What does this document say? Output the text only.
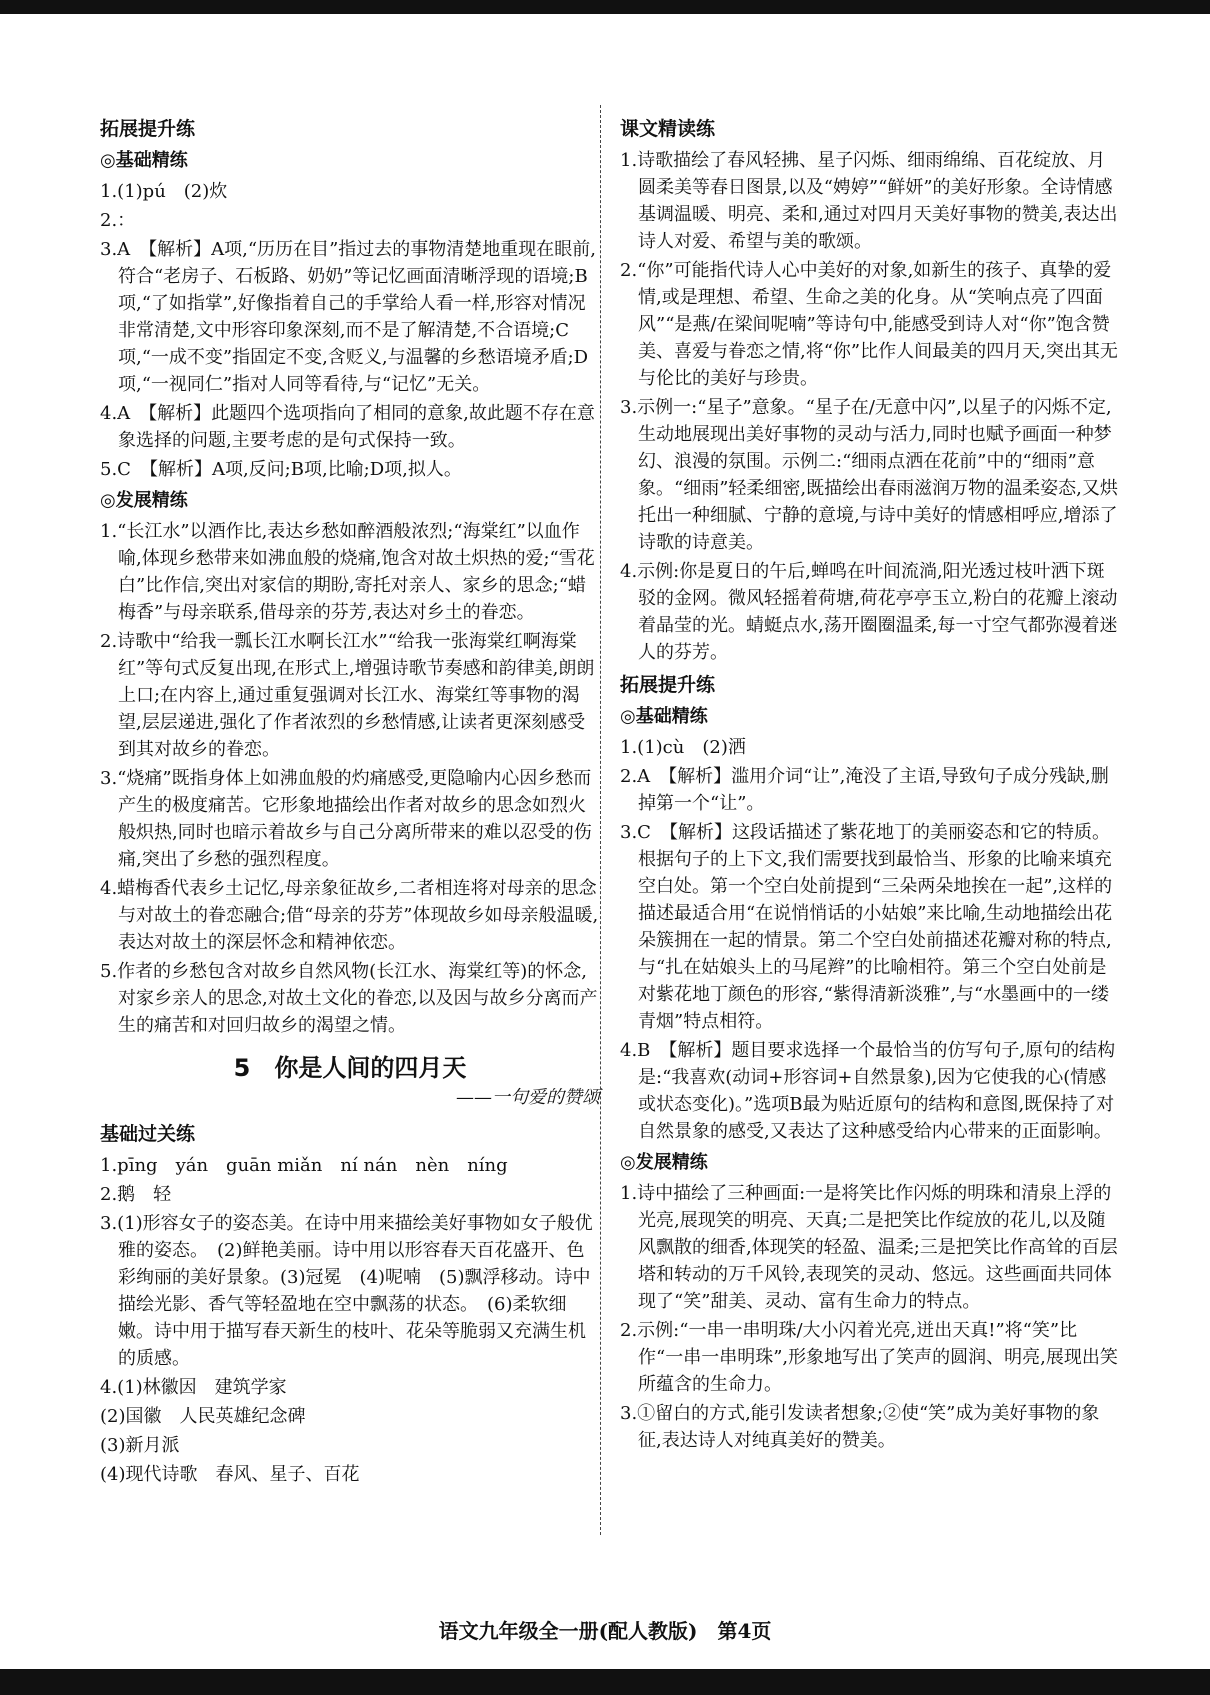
拓展提升练
◎基础精练
1.(1)pú　(2)炊
2.：
3.A　【解析】A项,“历历在目”指过去的事物清楚地重现在眼前,符合“老房子、石板路、奶奶”等记忆画面清晰浮现的语境;B项,“了如指掌”,好像指着自己的手掌给人看一样,形容对情况非常清楚,文中形容印象深刻,而不是了解清楚,不合语境;C项,“一成不变”指固定不变,含贬义,与温馨的乡愁语境矛盾;D项,“一视同仁”指对人同等看待,与“记忆”无关。
4.A　【解析】此题四个选项指向了相同的意象,故此题不存在意象选择的问题,主要考虑的是句式保持一致。
5.C　【解析】A项,反问;B项,比喻;D项,拟人。
◎发展精练
1.“长江水”以酒作比,表达乡愁如醉酒般浓烈;“海棠红”以血作喻,体现乡愁带来如沸血般的烧痛,饱含对故土炽热的爱;“雪花白”比作信,突出对家信的期盼,寄托对亲人、家乡的思念;“蜡梅香”与母亲联系,借母亲的芬芳,表达对乡土的眷恋。
2.诗歌中“给我一瓢长江水啊长江水”“给我一张海棠红啊海棠红”等句式反复出现,在形式上,增强诗歌节奏感和韵律美,朗朗上口;在内容上,通过重复强调对长江水、海棠红等事物的渴望,层层递进,强化了作者浓烈的乡愁情感,让读者更深刻感受到其对故乡的眷恋。
3.“烧痛”既指身体上如沸血般的灼痛感受,更隐喻内心因乡愁而产生的极度痛苦。它形象地描绘出作者对故乡的思念如烈火般炽热,同时也暗示着故乡与自己分离所带来的难以忍受的伤痛,突出了乡愁的强烈程度。
4.蜡梅香代表乡土记忆,母亲象征故乡,二者相连将对母亲的思念与对故土的眷恋融合;借“母亲的芬芳”体现故乡如母亲般温暖,表达对故土的深层怀念和精神依恋。
5.作者的乡愁包含对故乡自然风物(长江水、海棠红等)的怀念,对家乡亲人的思念,对故土文化的眷恋,以及因与故乡分离而产生的痛苦和对回归故乡的渴望之情。
5　你是人间的四月天
——一句爱的赞颂
基础过关练
1.pīng　yán　guān miǎn　ní nán　nèn　níng
2.鹅　轻
3.(1)形容女子的姿态美。在诗中用来描绘美好事物如女子般优雅的姿态。　(2)鲜艳美丽。诗中用以形容春天百花盛开、色彩绚丽的美好景象。(3)冠冕　(4)呢喃　(5)飘浮移动。诗中描绘光影、香气等轻盈地在空中飘荡的状态。　(6)柔软细嫩。诗中用于描写春天新生的枝叶、花朵等脆弱又充满生机的质感。
4.(1)林徽因　建筑学家
(2)国徽　人民英雄纪念碑
(3)新月派
(4)现代诗歌　春风、星子、百花
课文精读练
1.诗歌描绘了春风轻拂、星子闪烁、细雨绵绵、百花绽放、月圆柔美等春日图景,以及“娉婷”“鲜妍”的美好形象。全诗情感基调温暖、明亮、柔和,通过对四月天美好事物的赞美,表达出诗人对爱、希望与美的歌颂。
2.“你”可能指代诗人心中美好的对象,如新生的孩子、真挚的爱情,或是理想、希望、生命之美的化身。从“笑响点亮了四面风”“是燕/在梁间呢喃”等诗句中,能感受到诗人对“你”饱含赞美、喜爱与眷恋之情,将“你”比作人间最美的四月天,突出其无与伦比的美好与珍贵。
3.示例一:“星子”意象。“星子在/无意中闪”,以星子的闪烁不定,生动地展现出美好事物的灵动与活力,同时也赋予画面一种梦幻、浪漫的氛围。示例二:“细雨点洒在花前”中的“细雨”意象。“细雨”轻柔细密,既描绘出春雨滋润万物的温柔姿态,又烘托出一种细腻、宁静的意境,与诗中美好的情感相呼应,增添了诗歌的诗意美。
4.示例:你是夏日的午后,蝉鸣在叶间流淌,阳光透过枝叶洒下斑驳的金网。微风轻摇着荷塘,荷花亭亭玉立,粉白的花瓣上滚动着晶莹的光。蜻蜓点水,荡开圈圈温柔,每一寸空气都弥漫着迷人的芬芳。
拓展提升练
◎基础精练
1.(1)cù　(2)洒
2.A　【解析】滥用介词“让”,淹没了主语,导致句子成分残缺,删掉第一个“让”。
3.C　【解析】这段话描述了紫花地丁的美丽姿态和它的特质。根据句子的上下文,我们需要找到最恰当、形象的比喻来填充空白处。第一个空白处前提到“三朵两朵地挨在一起”,这样的描述最适合用“在说悄悄话的小姑娘”来比喻,生动地描绘出花朵簇拥在一起的情景。第二个空白处前描述花瓣对称的特点,与“扎在姑娘头上的马尾辫”的比喻相符。第三个空白处前是对紫花地丁颜色的形容,“紫得清新淡雅”,与“水墨画中的一缕青烟”特点相符。
4.B　【解析】题目要求选择一个最恰当的仿写句子,原句的结构是:“我喜欢(动词+形容词+自然景象),因为它使我的心(情感或状态变化)。”选项B最为贴近原句的结构和意图,既保持了对自然景象的感受,又表达了这种感受给内心带来的正面影响。
◎发展精练
1.诗中描绘了三种画面:一是将笑比作闪烁的明珠和清泉上浮的光亮,展现笑的明亮、天真;二是把笑比作绽放的花儿,以及随风飘散的细香,体现笑的轻盈、温柔;三是把笑比作高耸的百层塔和转动的万千风铃,表现笑的灵动、悠远。这些画面共同体现了“笑”甜美、灵动、富有生命力的特点。
2.示例:“一串一串明珠/大小闪着光亮,迸出天真!”将“笑”比作“一串一串明珠”,形象地写出了笑声的圆润、明亮,展现出笑所蕴含的生命力。
3.①留白的方式,能引发读者想象;②使“笑”成为美好事物的象征,表达诗人对纯真美好的赞美。
语文九年级全一册(配人教版)　第4页
